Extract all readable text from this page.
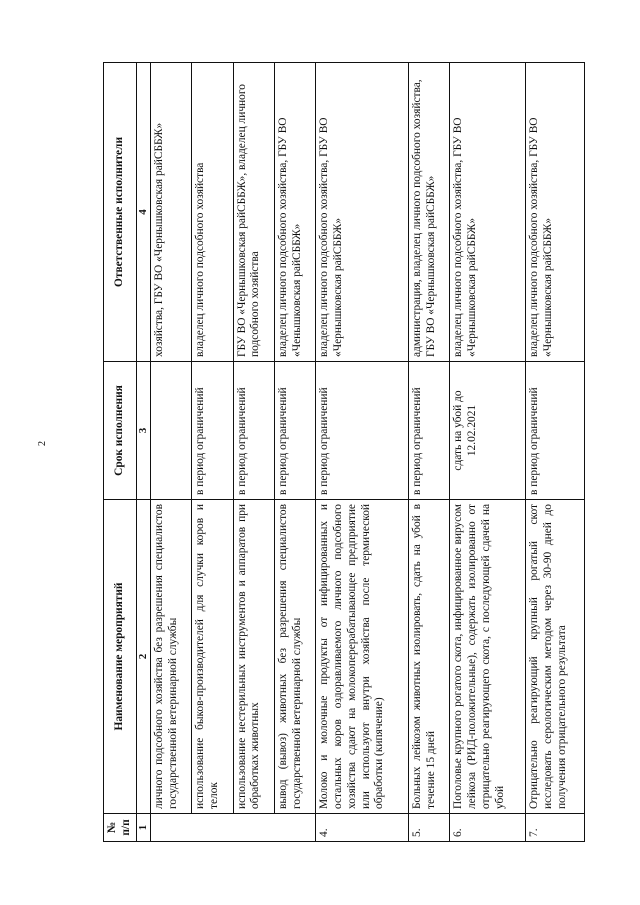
2
№ п/п	Наименование мероприятий	Срок исполнения	Ответственные исполнители
1	2	3	4
	личного подсобного хозяйства без разрешения специалистов государственной ветеринарной службы		хозяйства, ГБУ ВО «Чернышковская райСББЖ»
	использование быков-производителей для случки коров и телок	в период ограничений	владелец личного подсобного хозяйства
	использование нестерильных инструментов и аппаратов при обработках животных	в период ограничений	ГБУ ВО «Чернышковская райСББЖ», владелец личного подсобного хозяйства
	вывод (вывоз) животных без разрешения специалистов государственной ветеринарной службы	в период ограничений	владелец личного подсобного хозяйства, ГБУ ВО «Ченышковская райСББЖ»
4.	Молоко и молочные продукты от инфицированных и остальных коров оздоравливаемого личного подсобного хозяйства сдают на молокоперерабатывающее предприятие или используют внутри хозяйства после термической обработки (кипячение)	в период ограничений	владелец личного подсобного хозяйства, ГБУ ВО «Чернышковская райСББЖ»
5.	Больных лейкозом животных изолировать, сдать на убой в течение 15 дней	в период ограничений	администрация, владелец личного подсобного хозяйства, ГБУ ВО «Чернышковская райСББЖ»
6.	Поголовье крупного рогатого скота, инфицированное вирусом лейкоза (РИД-положительные), содержать изолированно от отрицательно реагирующего скота, с последующей сдачей на убой	сдать на убой до 12.02.2021	владелец личного подсобного хозяйства, ГБУ ВО «Чернышковская райСББЖ»
7.	Отрицательно реагирующий крупный рогатый скот исследовать серологическим методом через 30-90 дней до получения отрицательного результата	в период ограничений	владелец личного подсобного хозяйства, ГБУ ВО «Чернышковская райСББЖ»
